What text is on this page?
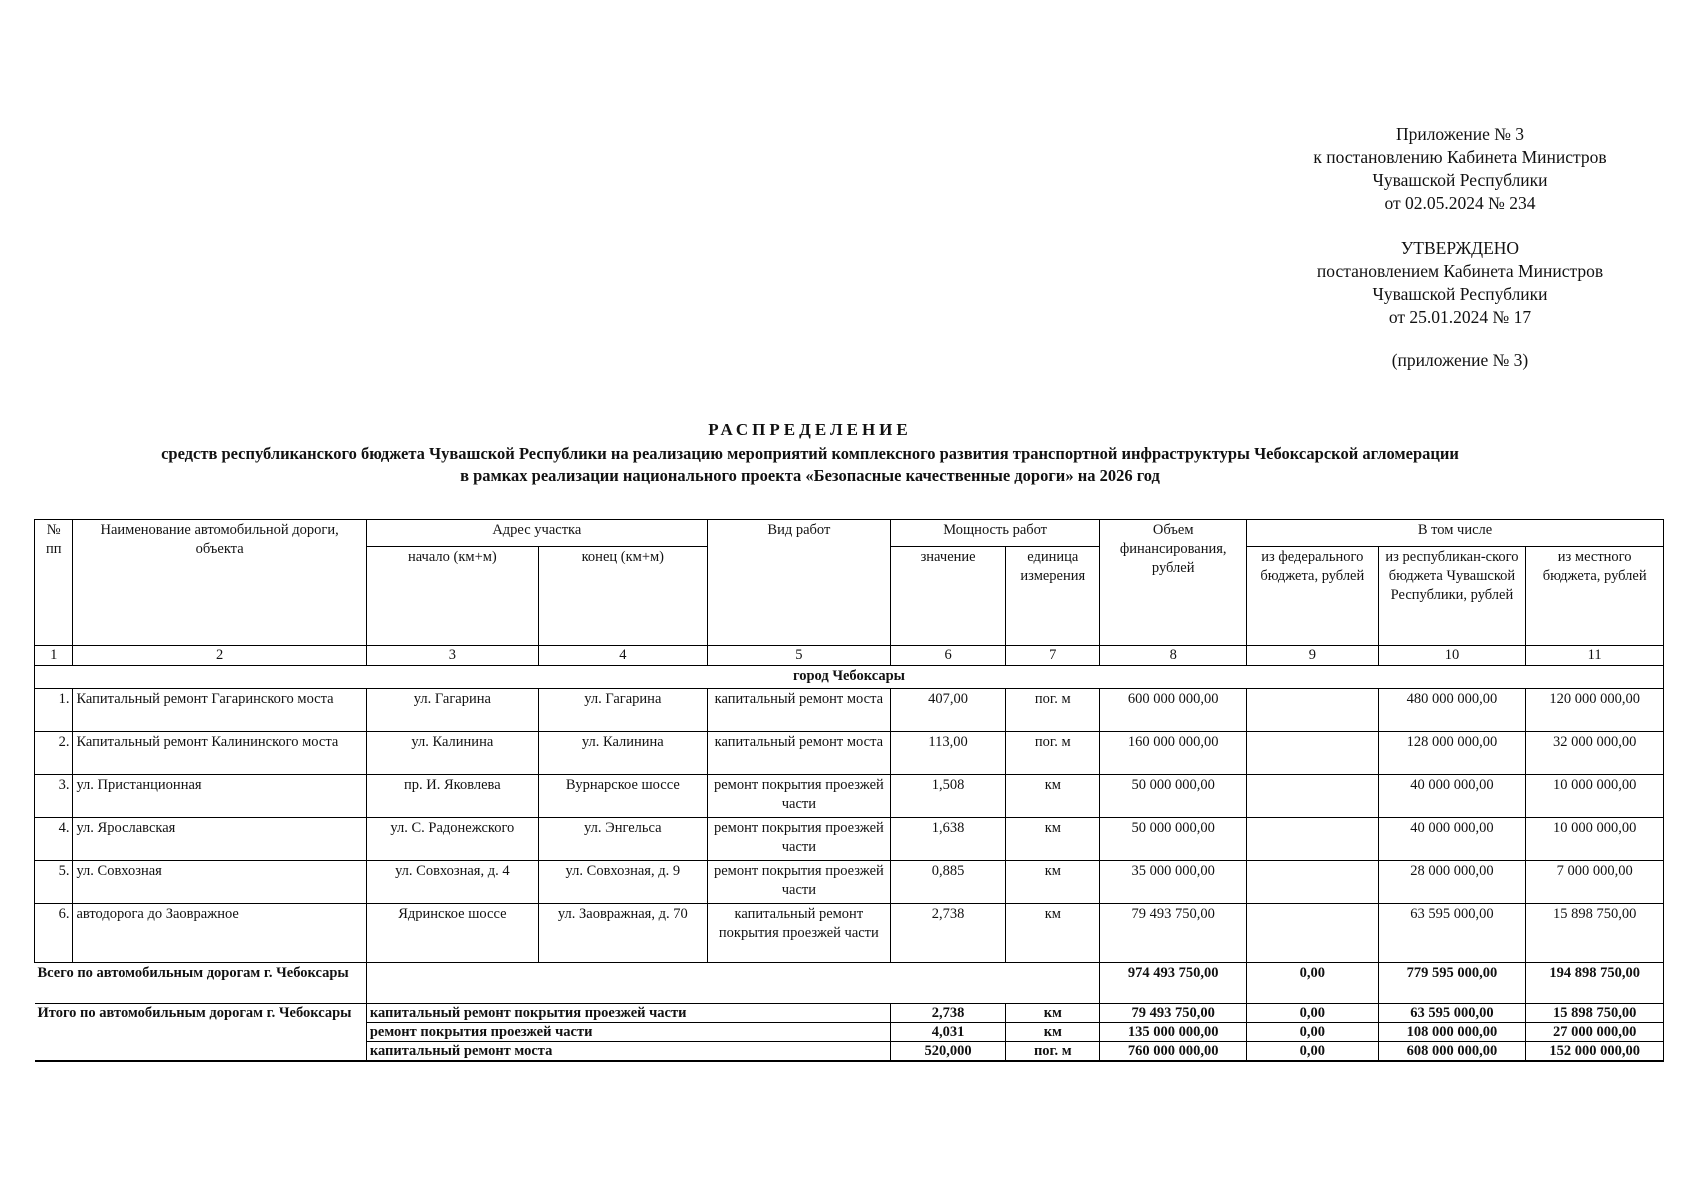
Приложение № 3
к постановлению Кабинета Министров
Чувашской Республики
от 02.05.2024 № 234
УТВЕРЖДЕНО
постановлением Кабинета Министров
Чувашской Республики
от 25.01.2024 № 17
(приложение № 3)
РАСПРЕДЕЛЕНИЕ
средств республиканского бюджета Чувашской Республики на реализацию мероприятий комплексного развития транспортной инфраструктуры Чебоксарской агломерации
в рамках реализации национального проекта «Безопасные качественные дороги» на 2026 год
№ пп	Наименование автомобильной дороги, объекта	Адрес участка		Вид работ	Мощность работ		Объем финансирования, рублей	В том числе		
		начало (км+м)	конец (км+м)		значение	единица измерения		из федерального бюджета, рублей	из республикан-ского бюджета Чувашской Республики, рублей	из местного бюджета, рублей
1	2	3	4	5	6	7	8	9	10	11
город Чебоксары										
1.	Капитальный ремонт Гагаринского моста	ул. Гагарина	ул. Гагарина	капитальный ремонт моста	407,00	пог. м	600 000 000,00		480 000 000,00	120 000 000,00
2.	Капитальный ремонт Калининского моста	ул. Калинина	ул. Калинина	капитальный ремонт моста	113,00	пог. м	160 000 000,00		128 000 000,00	32 000 000,00
3.	ул. Пристанционная	пр. И. Яковлева	Вурнарское шоссе	ремонт покрытия проезжей части	1,508	км	50 000 000,00		40 000 000,00	10 000 000,00
4.	ул. Ярославская	ул. С. Радонежского	ул. Энгельса	ремонт покрытия проезжей части	1,638	км	50 000 000,00		40 000 000,00	10 000 000,00
5.	ул. Совхозная	ул. Совхозная, д. 4	ул. Совхозная, д. 9	ремонт покрытия проезжей части	0,885	км	35 000 000,00		28 000 000,00	7 000 000,00
6.	автодорога до Заовражное	Ядринское шоссе	ул. Заовражная, д. 70	капитальный ремонт покрытия проезжей части	2,738	км	79 493 750,00		63 595 000,00	15 898 750,00
Всего по автомобильным дорогам г. Чебоксары							974 493 750,00	0,00	779 595 000,00	194 898 750,00
Итого по автомобильным дорогам г. Чебоксары		капитальный ремонт покрытия проезжей части			2,738	км	79 493 750,00	0,00	63 595 000,00	15 898 750,00
		ремонт покрытия проезжей части			4,031	км	135 000 000,00	0,00	108 000 000,00	27 000 000,00
		капитальный ремонт моста			520,000	пог. м	760 000 000,00	0,00	608 000 000,00	152 000 000,00
